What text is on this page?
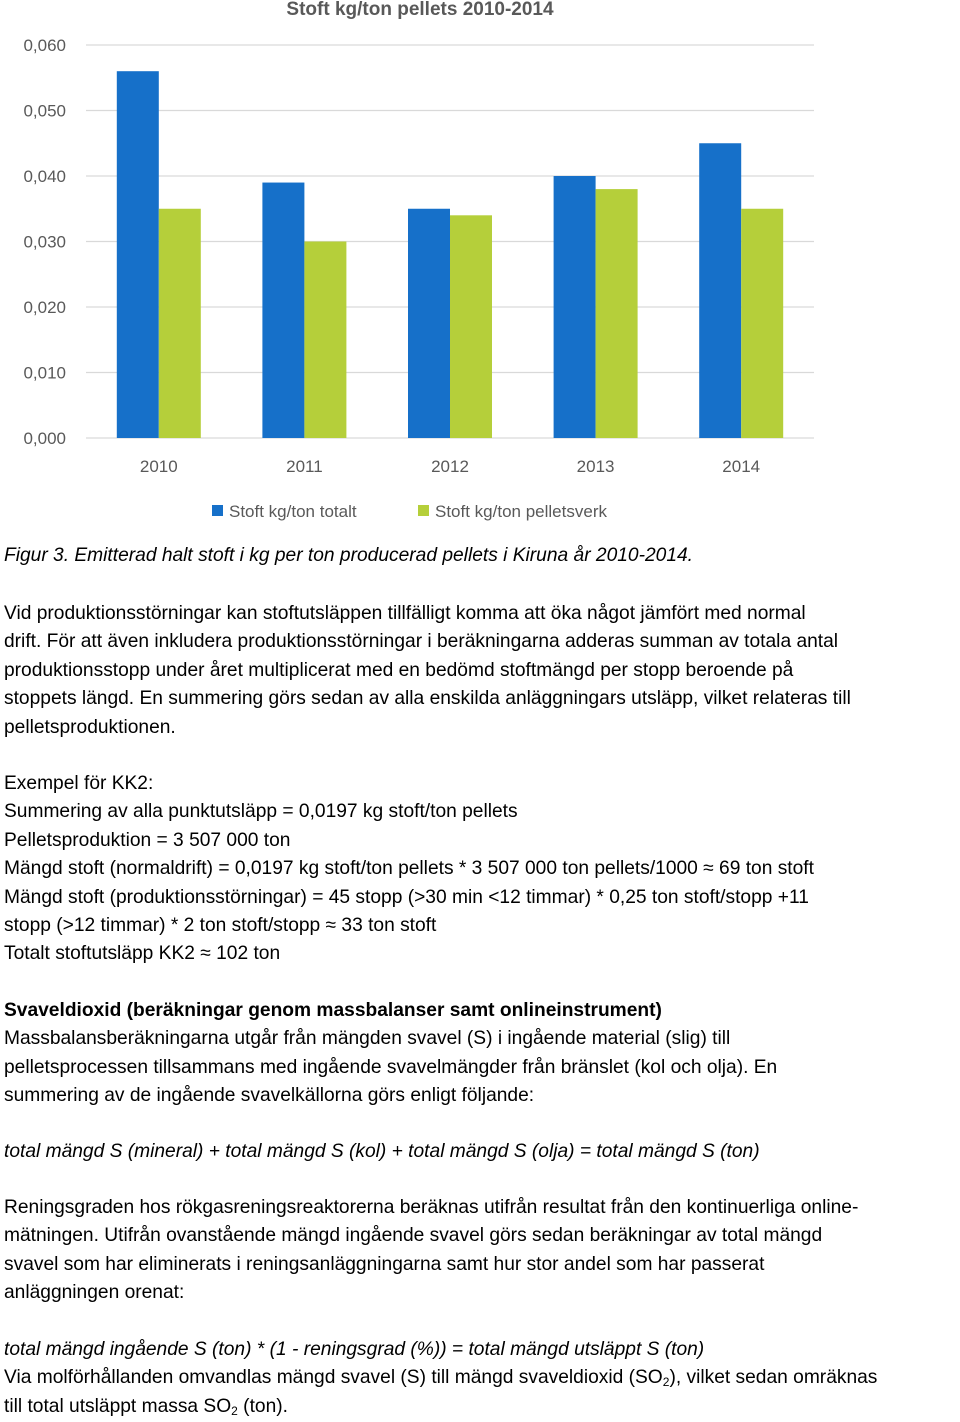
Stoft kg/ton pellets 2010-2014
0,000
0,010
0,020
0,030
0,040
0,050
0,060
2010	2011	2012	2013	2014
Stoft kg/ton totalt	Stoft kg/ton pelletsverk
Figur 3. Emitterad halt stoft i kg per ton producerad pellets i Kiruna år 2010-2014.
Vid produktionsstörningar kan stoftutsläppen tillfälligt komma att öka något jämfört med normal
drift. För att även inkludera produktionsstörningar i beräkningarna adderas summan av totala antal
produktionsstopp under året multiplicerat med en bedömd stoftmängd per stopp beroende på
stoppets längd. En summering görs sedan av alla enskilda anläggningars utsläpp, vilket relateras till
pelletsproduktionen.
Exempel för KK2:
Summering av alla punktutsläpp = 0,0197 kg stoft/ton pellets
Pelletsproduktion = 3 507 000 ton
Mängd stoft (normaldrift) = 0,0197 kg stoft/ton pellets * 3 507 000 ton pellets/1000 ≈ 69 ton stoft
Mängd stoft (produktionsstörningar) = 45 stopp (>30 min <12 timmar) * 0,25 ton stoft/stopp +11
stopp (>12 timmar) * 2 ton stoft/stopp ≈ 33 ton stoft
Totalt stoftutsläpp KK2 ≈ 102 ton
Svaveldioxid (beräkningar genom massbalanser samt onlineinstrument)
Massbalansberäkningarna utgår från mängden svavel (S) i ingående material (slig) till
pelletsprocessen tillsammans med ingående svavelmängder från bränslet (kol och olja). En
summering av de ingående svavelkällorna görs enligt följande:
total mängd S (mineral) + total mängd S (kol) + total mängd S (olja) = total mängd S (ton)
Reningsgraden hos rökgasreningsreaktorerna beräknas utifrån resultat från den kontinuerliga online-
mätningen. Utifrån ovanstående mängd ingående svavel görs sedan beräkningar av total mängd
svavel som har eliminerats i reningsanläggningarna samt hur stor andel som har passerat
anläggningen orenat:
total mängd ingående S (ton) * (1 - reningsgrad (%)) = total mängd utsläppt S (ton)
Via molförhållanden omvandlas mängd svavel (S) till mängd svaveldioxid $(SO_2)$, vilket sedan omräknas
till total utsläppt massa $SO_2$ (ton).
